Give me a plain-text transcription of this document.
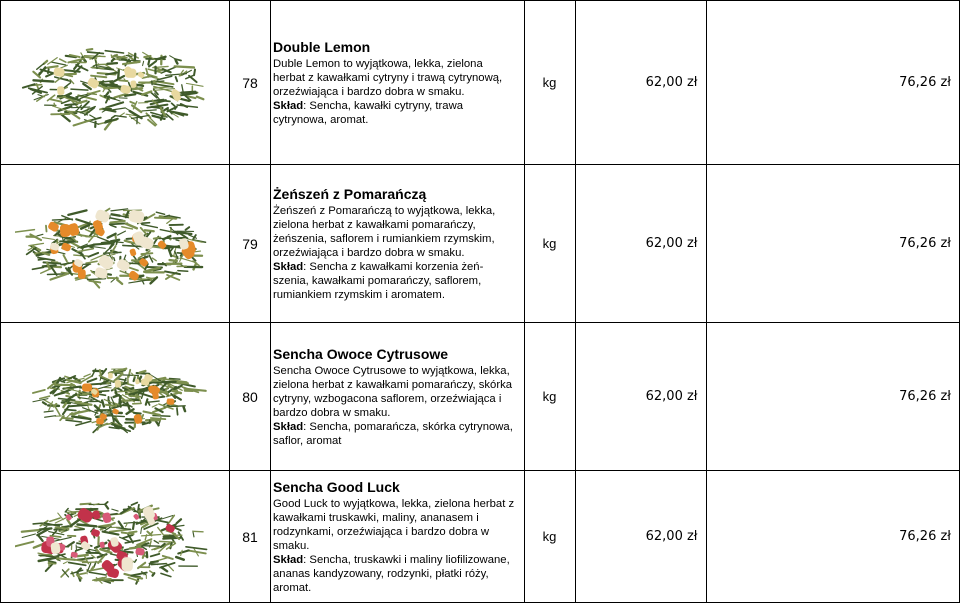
	78	Double Lemon
Duble Lemon to wyjątkowa, lekka, zielona herbat z kawałkami cytryny i trawą cytrynową, orzeźwiająca i bardzo dobra w smaku.
Skład: Sencha, kawałki cytryny, trawa cytrynowa, aromat.	kg	62,00 zł	76,26 zł

	79	Żeńszeń z Pomarańczą
Żeńszeń z Pomarańczą to wyjątkowa, lekka, zielona herbat z kawałkami pomarańczy, żeńszenia, saflorem i rumiankiem rzymskim, orzeźwiająca i bardzo dobra w smaku.
Skład: Sencha z kawałkami korzenia żeń-szenia, kawałkami pomarańczy, saflorem, rumiankiem rzymskim i aromatem.	kg	62,00 zł	76,26 zł

	80	Sencha Owoce Cytrusowe
Sencha Owoce Cytrusowe to wyjątkowa, lekka, zielona herbat z kawałkami pomarańczy, skórka cytryny, wzbogacona saflorem, orzeźwiająca i bardzo dobra w smaku.
Skład: Sencha, pomarańcza, skórka cytrynowa, saflor, aromat	kg	62,00 zł	76,26 zł

	81	Sencha Good Luck
Good Luck to wyjątkowa, lekka, zielona herbat z kawałkami truskawki, maliny, ananasem i rodzynkami, orzeźwiająca i bardzo dobra w smaku.
Skład: Sencha, truskawki i maliny liofilizowane, ananas kandyzowany, rodzynki, płatki róży, aromat.	kg	62,00 zł	76,26 zł
